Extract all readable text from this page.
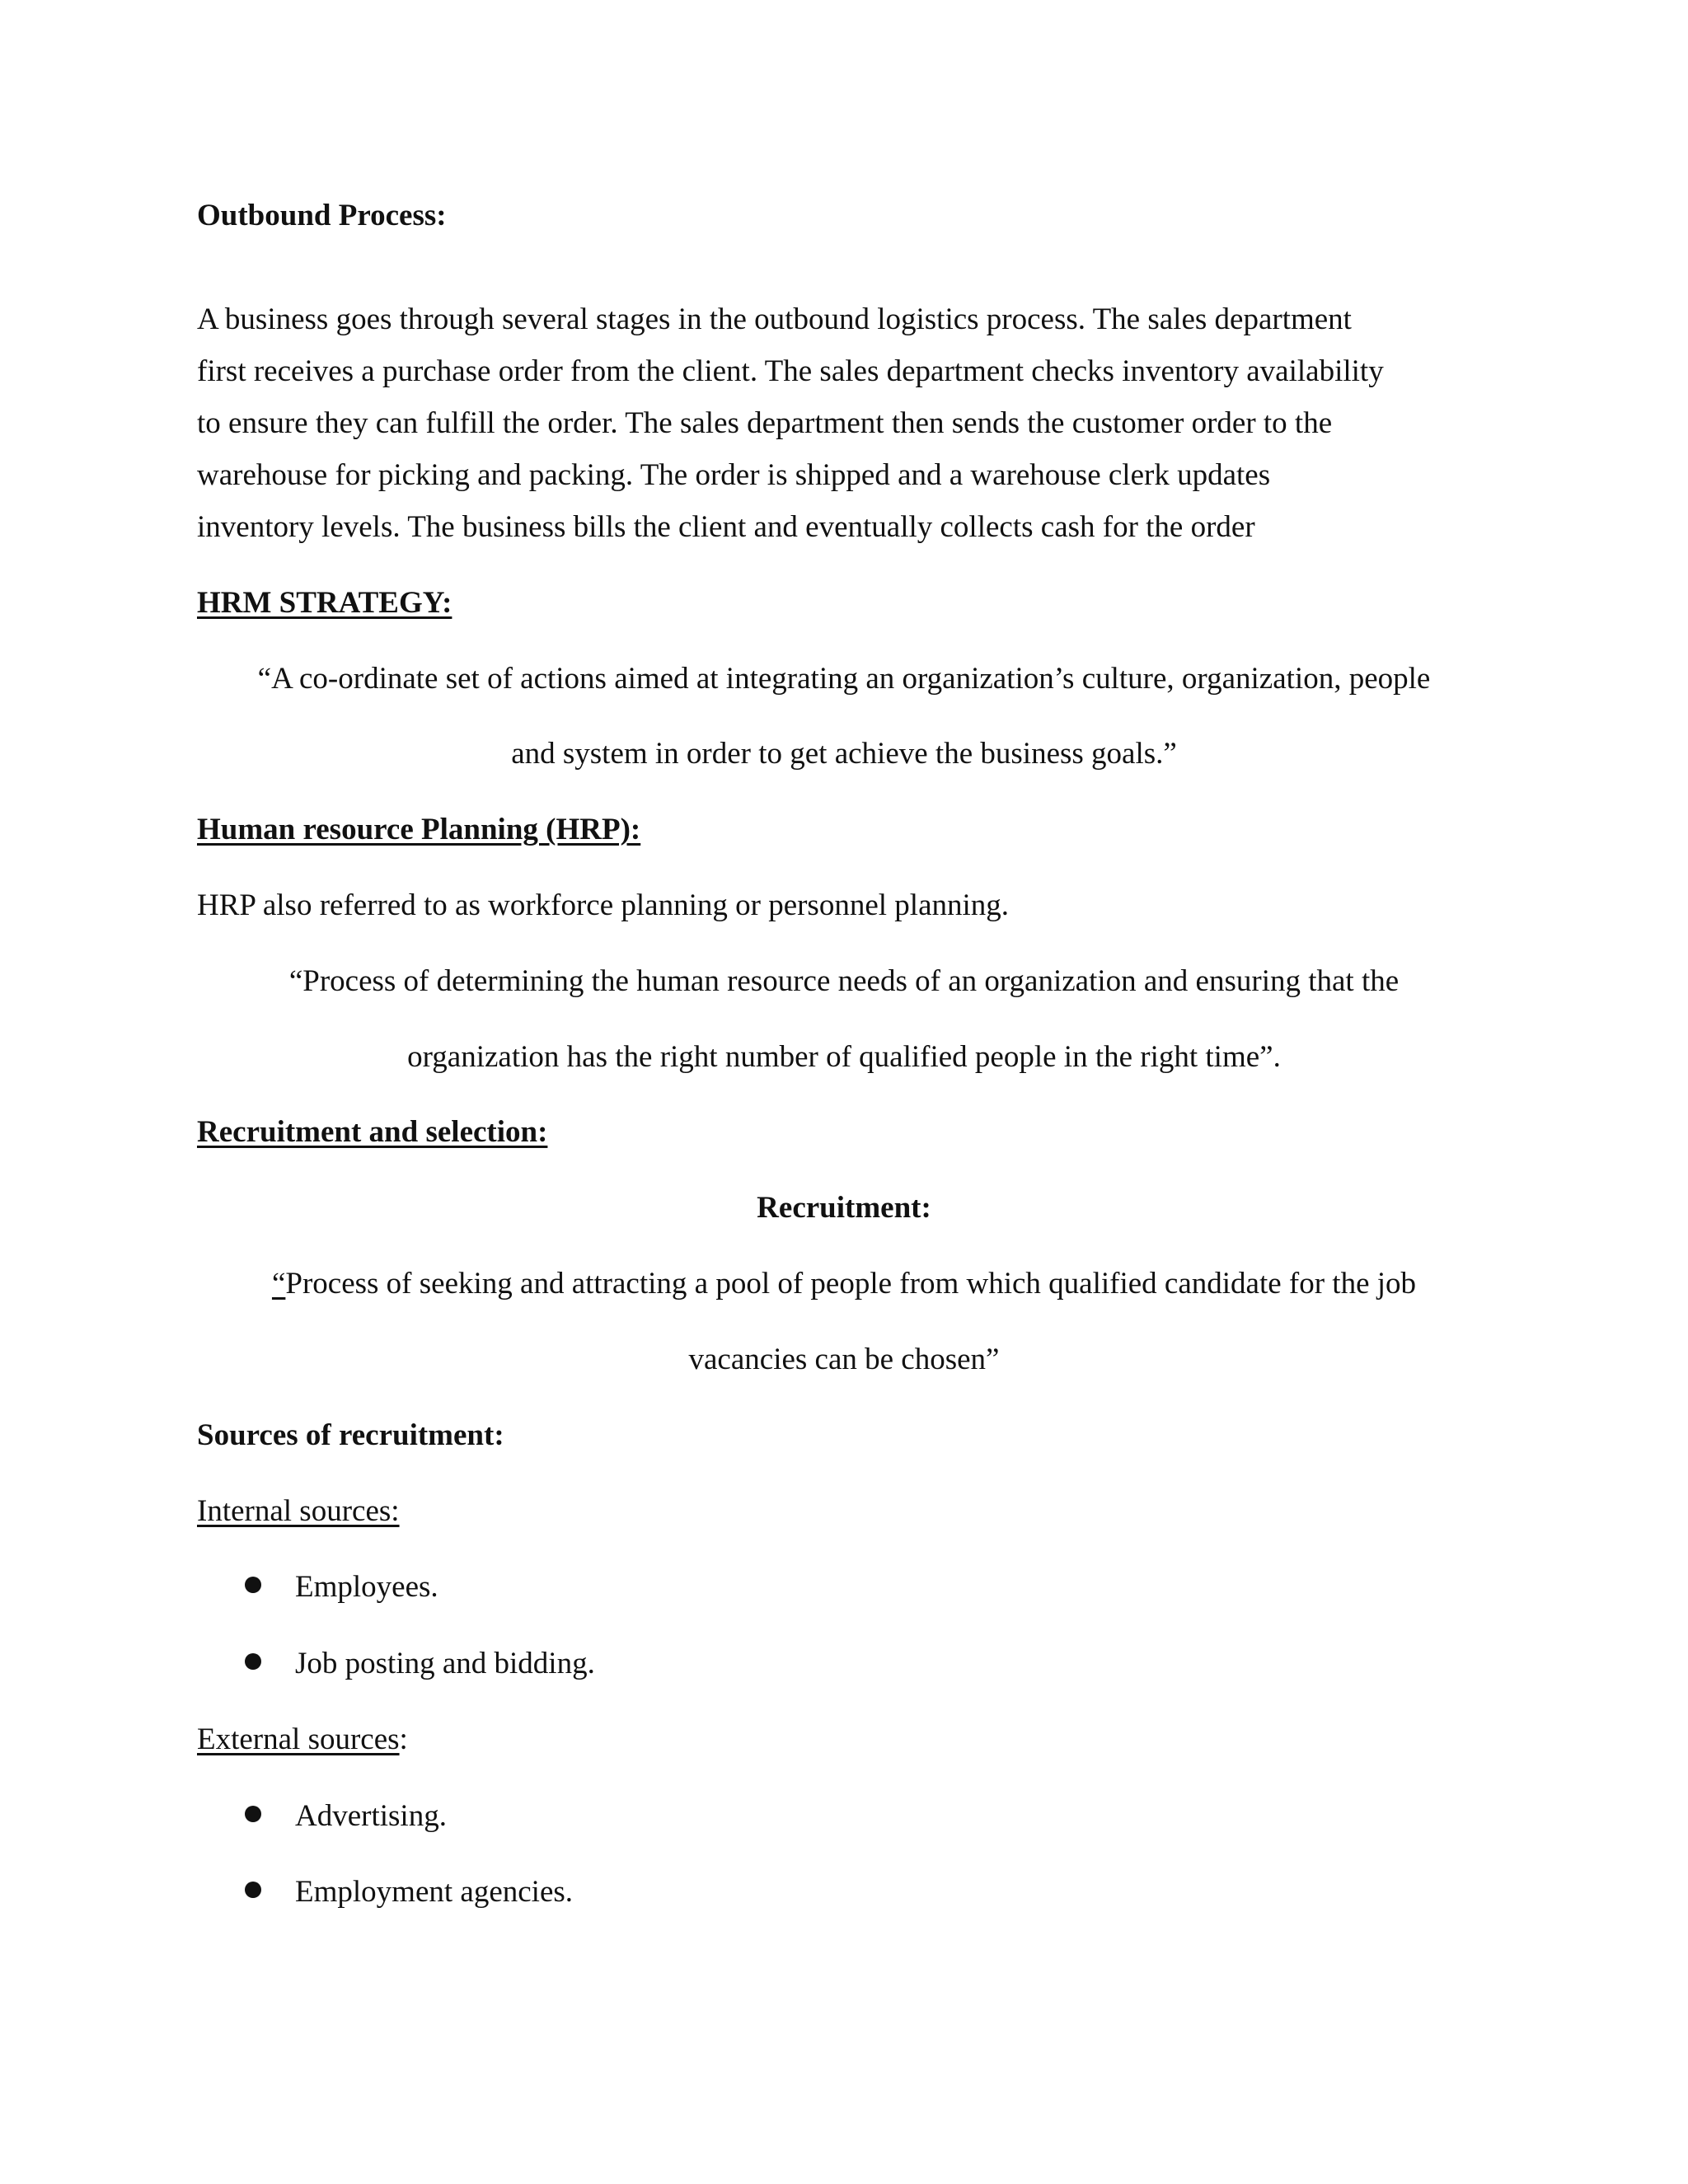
Outbound Process:
A business goes through several stages in the outbound logistics process. The sales department
first receives a purchase order from the client. The sales department checks inventory availability
to ensure they can fulfill the order. The sales department then sends the customer order to the
warehouse for picking and packing. The order is shipped and a warehouse clerk updates
inventory levels. The business bills the client and eventually collects cash for the order
HRM STRATEGY:
“A co-ordinate set of actions aimed at integrating an organization’s culture, organization, people
and system in order to get achieve the business goals.”
Human resource Planning (HRP):
HRP also referred to as workforce planning or personnel planning.
“Process of determining the human resource needs of an organization and ensuring that the
organization has the right number of qualified people in the right time”.
Recruitment and selection:
Recruitment:
“Process of seeking and attracting a pool of people from which qualified candidate for the job
vacancies can be chosen”
Sources of recruitment:
Internal sources:
Employees.
Job posting and bidding.
External sources:
Advertising.
Employment agencies.
